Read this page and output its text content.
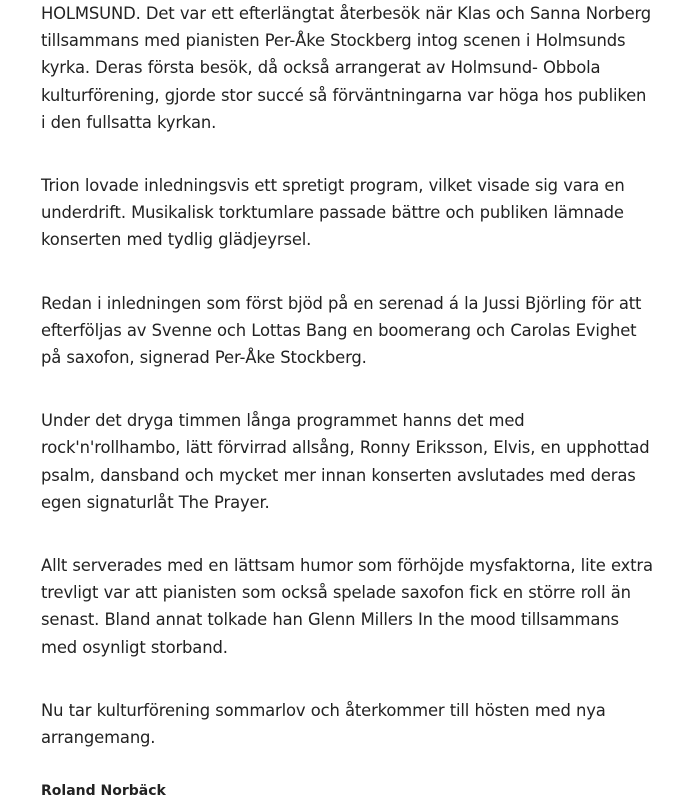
HOLMSUND. Det var ett efterlängtat återbesök när Klas och Sanna Norberg tillsammans med pianisten Per-Åke Stockberg intog scenen i Holmsunds kyrka. Deras första besök, då också arrangerat av Holmsund- Obbola kulturförening, gjorde stor succé så förväntningarna var höga hos publiken i den fullsatta kyrkan.

Trion lovade inledningsvis ett spretigt program, vilket visade sig vara en underdrift. Musikalisk torktumlare passade bättre och publiken lämnade konserten med tydlig glädjeyrsel.

Redan i inledningen som först bjöd på en serenad á la Jussi Björling för att efterföljas av Svenne och Lottas Bang en boomerang och Carolas Evighet på saxofon, signerad Per-Åke Stockberg.

Under det dryga timmen långa programmet hanns det med rock'n'rollhambo, lätt förvirrad allsång, Ronny Eriksson, Elvis, en upphottad psalm, dansband och mycket mer innan konserten avslutades med deras egen signaturlåt The Prayer.

Allt serverades med en lättsam humor som förhöjde mysfaktorna, lite extra trevligt var att pianisten som också spelade saxofon fick en större roll än senast. Bland annat tolkade han Glenn Millers In the mood tillsammans med osynligt storband.

Nu tar kulturförening sommarlov och återkommer till hösten med nya arrangemang.

Roland Norbäck
